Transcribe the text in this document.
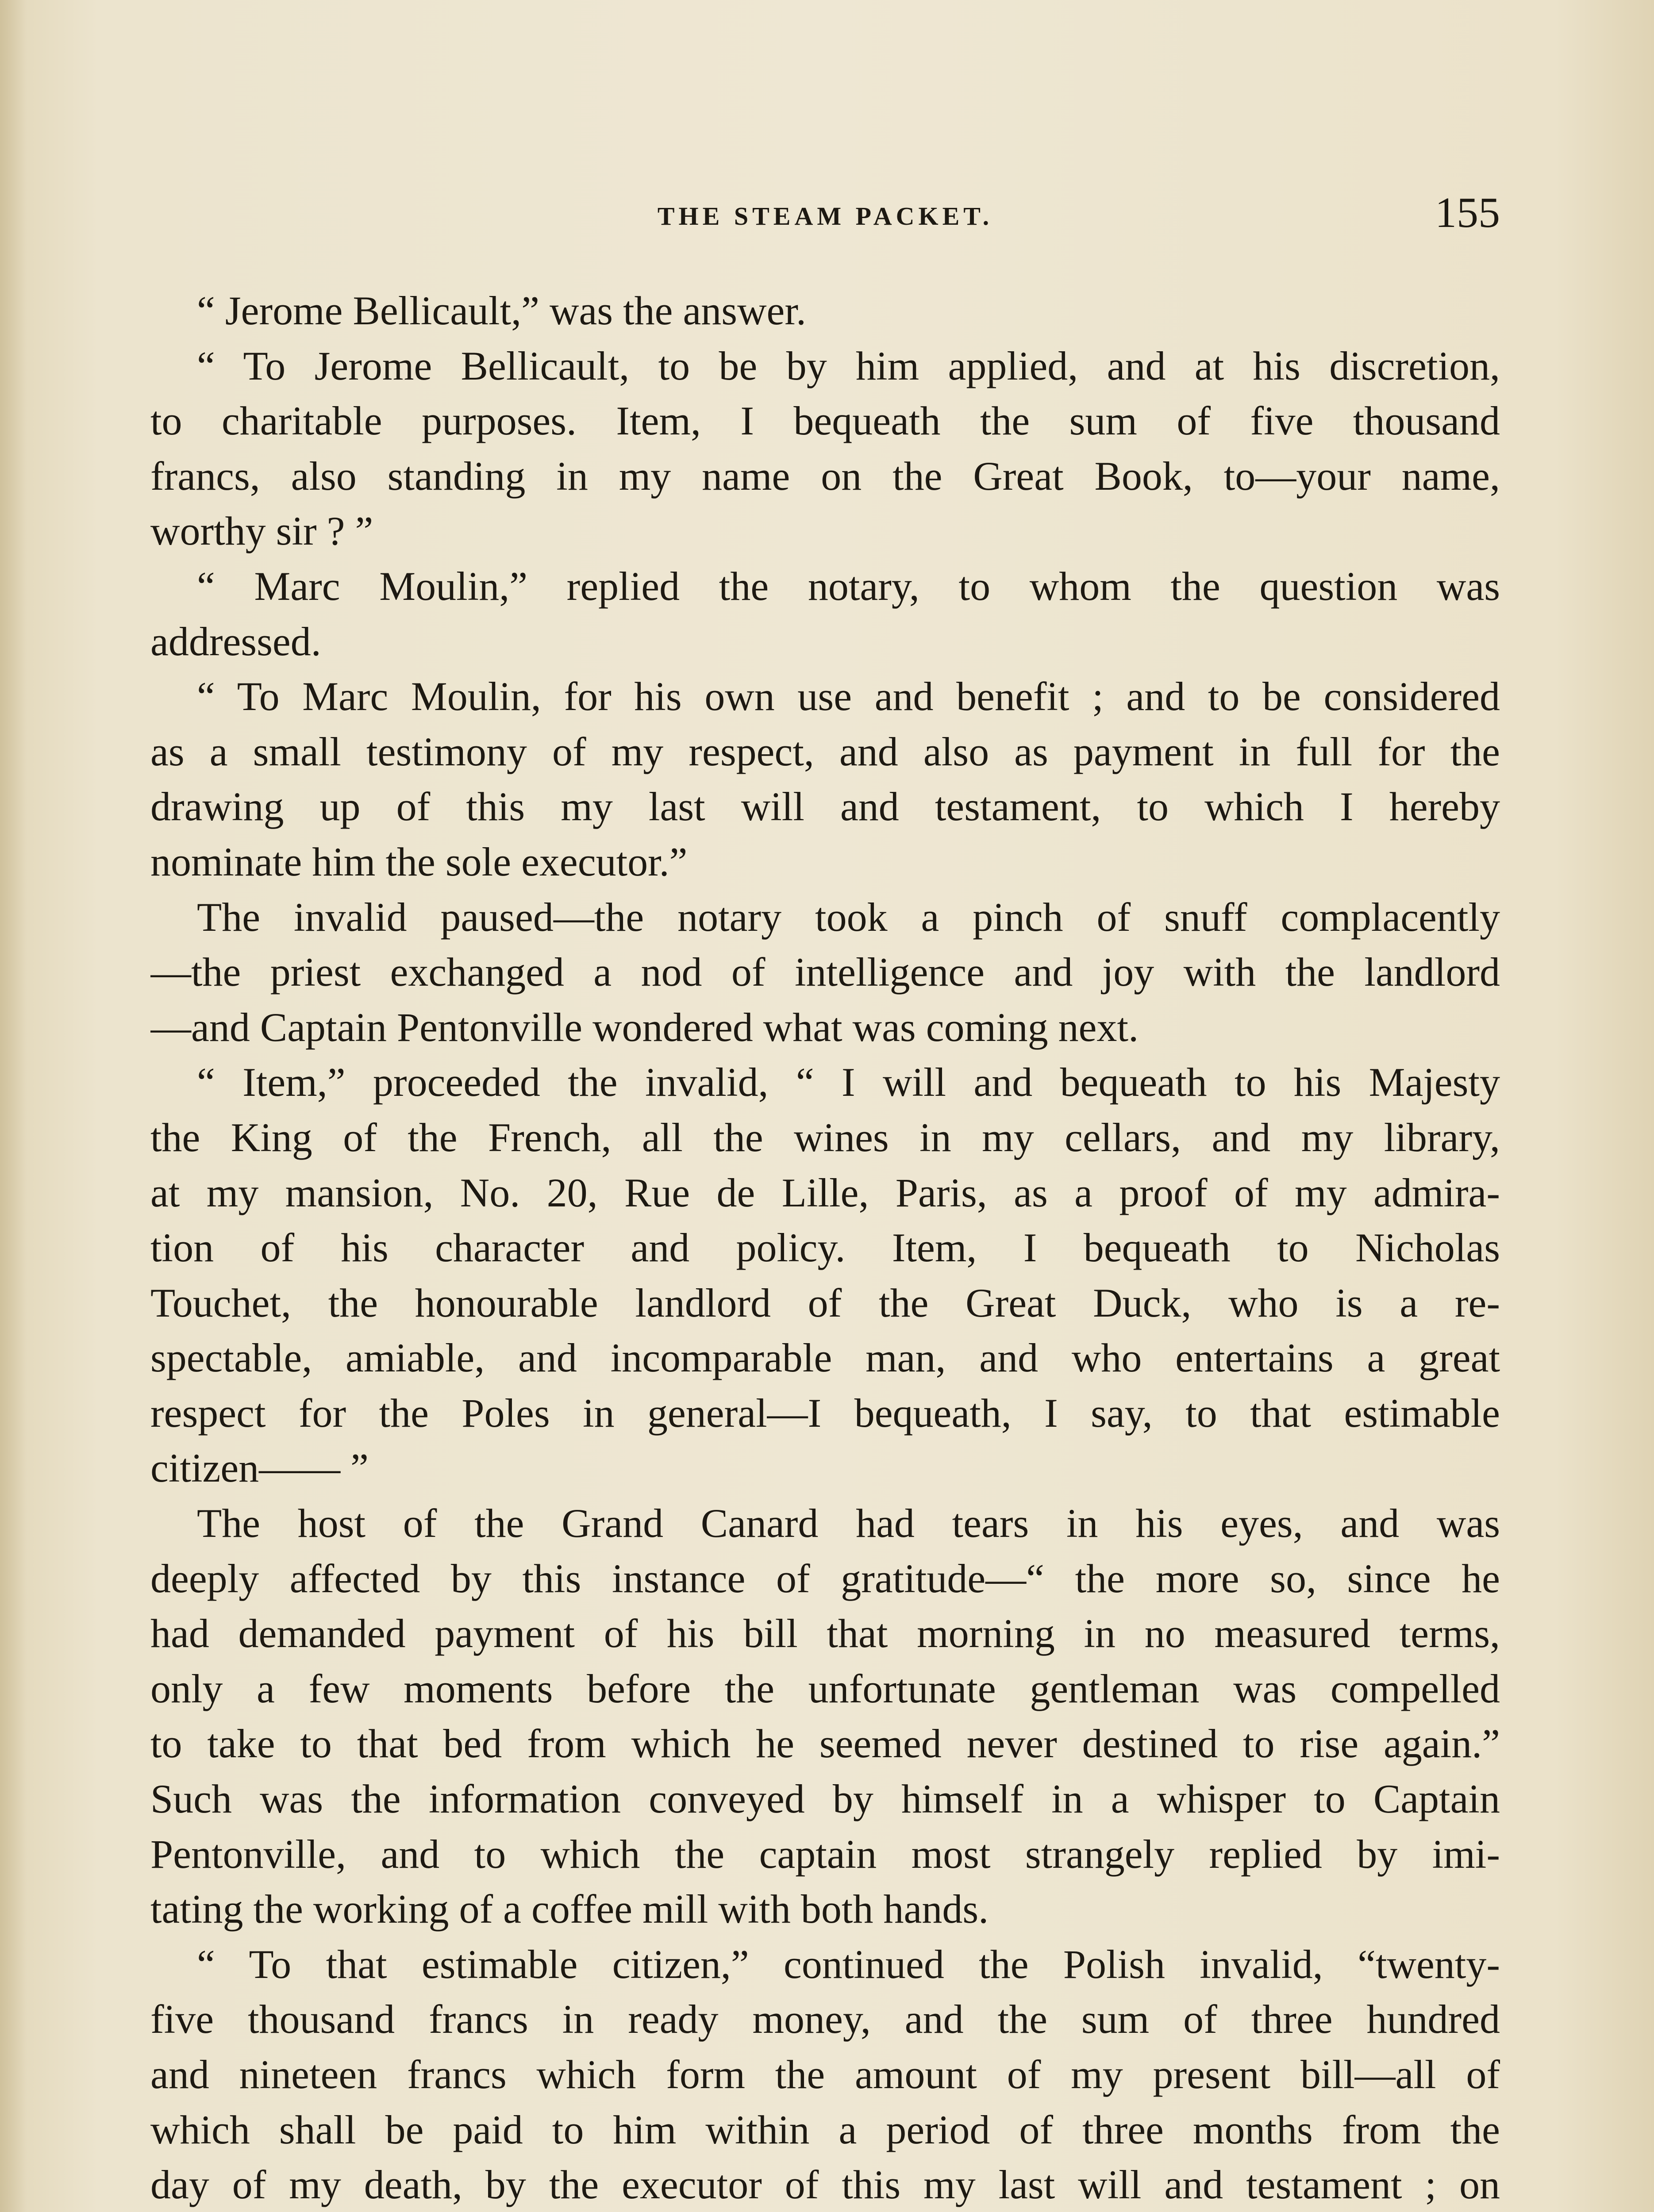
THE STEAM PACKET.	155
“ Jerome Bellicault,” was the answer.
“ To Jerome Bellicault, to be by him applied, and at his discretion,
to charitable purposes. Item, I bequeath the sum of five thousand
francs, also standing in my name on the Great Book, to—your name,
worthy sir ? ”
“ Marc Moulin,” replied the notary, to whom the question was
addressed.
“ To Marc Moulin, for his own use and benefit ; and to be considered
as a small testimony of my respect, and also as payment in full for the
drawing up of this my last will and testament, to which I hereby
nominate him the sole executor.”
The invalid paused—the notary took a pinch of snuff complacently
—the priest exchanged a nod of intelligence and joy with the landlord
—and Captain Pentonville wondered what was coming next.
“ Item,” proceeded the invalid, “ I will and bequeath to his Majesty
the King of the French, all the wines in my cellars, and my library,
at my mansion, No. 20, Rue de Lille, Paris, as a proof of my admira-
tion of his character and policy. Item, I bequeath to Nicholas
Touchet, the honourable landlord of the Great Duck, who is a re-
spectable, amiable, and incomparable man, and who entertains a great
respect for the Poles in general—I bequeath, I say, to that estimable
citizen—— ”
The host of the Grand Canard had tears in his eyes, and was
deeply affected by this instance of gratitude—“ the more so, since he
had demanded payment of his bill that morning in no measured terms,
only a few moments before the unfortunate gentleman was compelled
to take to that bed from which he seemed never destined to rise again.”
Such was the information conveyed by himself in a whisper to Captain
Pentonville, and to which the captain most strangely replied by imi-
tating the working of a coffee mill with both hands.
“ To that estimable citizen,” continued the Polish invalid, “twenty-
five thousand francs in ready money, and the sum of three hundred
and nineteen francs which form the amount of my present bill—all of
which shall be paid to him within a period of three months from the
day of my death, by the executor of this my last will and testament ; on
